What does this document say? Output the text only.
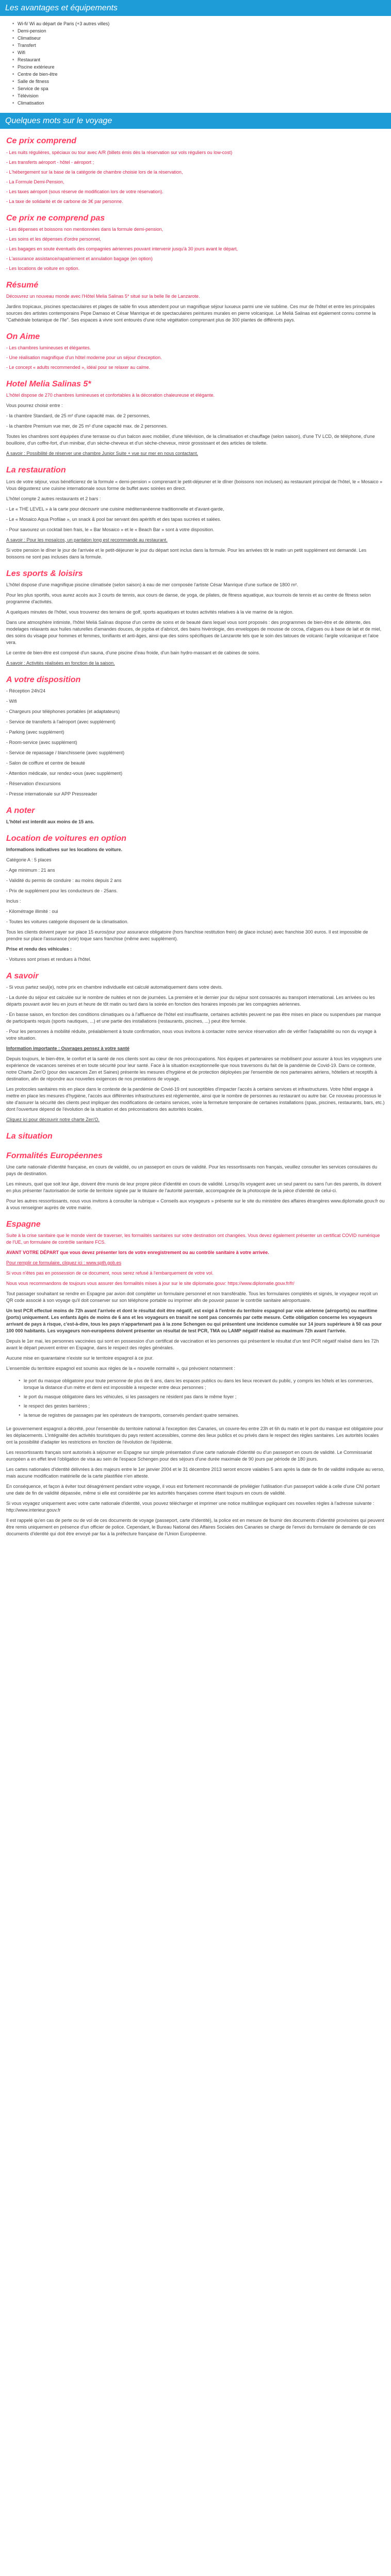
Les avantages et équipements
■ Wi-fi/ Wi au départ de Paris (+3 autres villes)
■ Demi-pension
■ Climatiseur
■ Transfert
■ Wifi
■ Restaurant
■ Piscine extérieure
■ Centre de bien-être
■ Salle de fitness
■ Service de spa
■ Télévision
■ Climatisation
Quelques mots sur le voyage
Ce prix comprend

- Les nuits régulières, spéciaux ou tour avec A/R (billets émis dès la réservation sur vols réguliers ou low-cost)

- Les transferts aéroport - hôtel - aéroport ;

- L'hébergement sur la base de la catégorie de chambre choisie lors de la réservation,

- La Formule Demi-Pension,

- Les taxes aéroport (sous réserve de modification lors de votre réservation).

- La taxe de solidarité et de carbone de 3€ par personne.

Ce prix ne comprend pas

- Les dépenses et boissons non mentionnées dans la formule demi-pension,

- Les soins et les dépenses d'ordre personnel,

- Les bagages en soute éventuels des compagnies aériennes pouvant intervenir jusqu'à 30 jours avant le départ,

- L'assurance assistance/rapatriement et annulation bagage (en option)

- Les locations de voiture en option.

Résumé

Découvrez un nouveau monde avec l'Hôtel Melia Salinas 5* situé sur la belle île de Lanzarote.

Jardins tropicaux, piscines spectaculaires et plages de sable fin vous attendent pour un magnifique séjour luxueux parmi une vie sublime. Ces mur de l'hôtel et entre les principales sources des artistes contemporains Pepe Damaso et César Manrique et de spectaculaires peintures murales en pierre volcanique. Le Meliá Salinas est également connu comme la "Cathédrale botanique de l'île". Ses espaces à vivre sont entourés d'une riche végétation comprenant plus de 300 plantes de différents pays.

On Aime

- Les chambres lumineuses et élégantes.

- Une réalisation magnifique d'un hôtel moderne pour un séjour d'exception.

- Le concept « adults recommended », idéal pour se relaxer au calme.

Hotel Melia Salinas 5*

L'hôtel dispose de 270 chambres lumineuses et confortables à la décoration chaleureuse et élégante.

Vous pourrez choisir entre :

- la chambre Standard, de 25 m² d'une capacité max. de 2 personnes,

- la chambre Premium vue mer, de 25 m² d'une capacité max. de 2 personnes.

Toutes les chambres sont équipées d'une terrasse ou d'un balcon avec mobilier, d'une télévision, de la climatisation et chauffage (selon saison), d'une TV LCD, de téléphone, d'une bouilloire, d'un coffre-fort, d'un minibar, d'un sèche-cheveux et d'un sèche-cheveux, miroir grossissant et des articles de toilette.

A savoir : Possibilité de réserver une chambre Junior Suite + vue sur mer en nous contactant.

La restauration

Lors de votre séjour, vous bénéficierez de la formule « demi-pension » comprenant le petit-déjeuner et le dîner (boissons non incluses) au restaurant principal de l'hôtel, le « Mosaico » Vous dégusterez une cuisine internationale sous forme de buffet avec soirées en direct.

L'hôtel compte 2 autres restaurants et 2 bars :

- Le « THE LEVEL » à la carte pour découvrir une cuisine méditerranéenne traditionnelle et d'avant-garde,

- Le « Mosaico Aqua Profilae », un snack & pool bar servant des apéritifs et des tapas sucrées et salées.

- Pour savourez un cocktail bien frais, le « Bar Mosaico » et le « Beach Bar » sont à votre disposition.

A savoir : Pour les mosaïcos, un pantalon long est recommandé au restaurant.

Si votre pension le dîner le jour de l'arrivée et le petit-déjeuner le jour du départ sont inclus dans la formule. Pour les arrivées tôt le matin un petit supplément est demandé. Les boissons ne sont pas incluses dans la formule.

Les sports & loisirs

L'hôtel dispose d'une magnifique piscine climatisée (selon saison) à eau de mer composée l'artiste César Manrique d'une surface de 1800 m².

Pour les plus sportifs, vous aurez accès aux 3 courts de tennis, aux cours de danse, de yoga, de pilates, de fitness aquatique, aux tournois de tennis et au centre de fitness selon programme d'activités.

A quelques minutes de l'hôtel, vous trouverez des terrains de golf, sports aquatiques et toutes activités relatives à la vie marine de la région.

Dans une atmosphère intimiste, l'hôtel Meliá Salinas dispose d'un centre de soins et de beauté dans lequel vous sont proposés : des programmes de bien-être et de détente, des modelages relaxants aux huiles naturelles d'amandes douces, de jojoba et d'abricot, des bains hivérologie, des enveloppes de mousse de cocoa, d'algues ou à base de lait et de miel, des soins du visage pour hommes et femmes, tonifiants et anti-âges, ainsi que des soins spécifiques de Lanzarote tels que le soin des tatoues de volcanic l'argile volcanique et l'aloe vera.

Le centre de bien-être est composé d'un sauna, d'une piscine d'eau froide, d'un bain hydro-massant et de cabines de soins.

A savoir : Activités réalisées en fonction de la saison.

A votre disposition

- Réception 24h/24

- Wifi

- Chargeurs pour téléphones portables (et adaptateurs)

- Service de transferts à l'aéroport (avec supplément)

- Parking (avec supplément)

- Room-service (avec supplément)

- Service de repassage / blanchisserie (avec supplément)

- Salon de coiffure et centre de beauté

- Attention médicale, sur rendez-vous (avec supplément)

- Réservation d'excursions

- Presse internationale sur APP Pressreader

A noter

L'hôtel est interdit aux moins de 15 ans.

Location de voitures en option

Informations indicatives sur les locations de voiture.

Catégorie A : 5 places

- Age minimum : 21 ans

- Validité du permis de conduire : au moins depuis 2 ans

- Prix de supplément pour les conducteurs de - 25ans.

Inclus :

- Kilométrage illimité : oui

- Toutes les voitures catégorie disposent de la climatisation.

Tous les clients doivent payer sur place 15 euros/jour pour assurance obligatoire (hors franchise restitution frein) de glace incluse) avec franchise 300 euros. Il est impossible de prendre sur place l'assurance (voir) toque sans franchise (même avec supplément).

Prise et rendu des véhicules :

- Voitures sont prises et rendues à l'hôtel.

A savoir

- Si vous partez seul(e), notre prix en chambre individuelle est calculé automatiquement dans votre devis.

- La durée du séjour est calculée sur le nombre de nuitées et non de journées. La première et le dernier jour du séjour sont consacrés au transport international. Les arrivées ou les départs pouvant avoir lieu en jours et heure de tôt matin ou tard dans la soirée en fonction des horaires imposés par les compagnies aériennes.

- En basse saison, en fonction des conditions climatiques ou à l'affluence de l'hôtel est insuffisante, certaines activités peuvent ne pas être mises en place ou suspendues par manque de participants requis (sports nautiques, ...) et une partie des installations (restaurants, piscines, ...) peut être fermée.

- Pour les personnes à mobilité réduite, préalablement à toute confirmation, nous vous invitons à contacter notre service réservation afin de vérifier l'adaptabilité ou non du voyage à votre situation.

Information importante : Ouvrages pensez à votre santé

Depuis toujours, le bien-être, le confort et la santé de nos clients sont au cœur de nos préoccupations. Nos équipes et partenaires se mobilisent pour assurer à tous les voyageurs une expérience de vacances sereines et en toute sécurité pour leur santé. Face à la situation exceptionnelle que nous traversons du fait de la pandémie de Covid-19. Dans ce contexte, notre Charte Zen'O (pour des vacances Zen et Saines) présente les mesures d'hygiène et de protection déployées par l'ensemble de nos partenaires aériens, hôteliers et receptifs à destination, afin de répondre aux nouvelles exigences de nos prestations de voyage.

Les protocoles sanitaires mis en place dans le contexte de la pandémie de Covid-19 ont susceptibles d'impacter l'accès à certains services et infrastructures. Votre hôtel engage à mettre en place les mesures d'hygiène, l'accès aux différentes infrastructures est règlementée, ainsi que le nombre de personnes au restaurant ou autre bar. Ce nouveau processus le site d'assurer la sécurité des clients peut impliquer des modifications de certains services, voire la fermeture temporaire de certaines installations (spas, piscines, restaurants, bars, etc.) dont l'ouverture dépend de l'évolution de la situation et des préconisations des autorités locales.

Cliquez ici pour découvrir notre charte Zen'O.

La situation
Formalités Européennes

Une carte nationale d'identité française, en cours de validité, ou un passeport en cours de validité. Pour les ressortissants non français, veuillez consulter les services consulaires du pays de destination.

Les mineurs, quel que soit leur âge, doivent être munis de leur propre pièce d'identité en cours de validité. Lorsqu'ils voyagent avec un seul parent ou sans l'un des parents, ils doivent en plus présenter l'autorisation de sortie de territoire signée par le titulaire de l'autorité parentale, accompagnée de la photocopie de la pièce d'identité de celui-ci.

Pour les autres ressortissants, nous vous invitons à consulter la rubrique « Conseils aux voyageurs » présente sur le site du ministère des affaires étrangères www.diplomatie.gouv.fr ou à vous renseigner auprès de votre mairie.

Espagne

Suite à la crise sanitaire que le monde vient de traverser, les formalités sanitaires sur votre destination ont changées. Vous devez également présenter un certificat COVID numérique de l'UE, un formulaire de contrôle sanitaire FCS.

AVANT VOTRE DÉPART que vous devez présenter lors de votre enregistrement ou au contrôle sanitaire à votre arrivée.

Pour remplir ce formulaire, cliquez ici : www.spth.gob.es

Si vous n'êtes pas en possession de ce document, nous serez refusé à l'embarquement de votre vol.

Nous vous recommandons de toujours vous assurer des formalités mises à jour sur le site diplomatie.gouv: https://www.diplomatie.gouv.fr/fr/

Tout passager souhaitant se rendre en Espagne par avion doit compléter un formulaire personnel et non transférable. Tous les formulaires complétés et signés, le voyageur reçoit un QR code associé à son voyage qu'il doit conserver sur son téléphone portable ou imprimer afin de pouvoir passer le contrôle sanitaire aéroportuaire.

Un test PCR effectué moins de 72h avant l'arrivée et dont le résultat doit être négatif, est exigé à l'entrée du territoire espagnol par voie aérienne (aéroports) ou maritime (ports) uniquement. Les enfants âgés de moins de 6 ans et les voyageurs en transit ne sont pas concernés par cette mesure. Cette obligation concerne les voyageurs arrivant de pays à risque, c'est-à-dire, tous les pays n'appartenant pas à la zone Schengen ou qui présentent une incidence cumulée sur 14 jours supérieure à 50 cas pour 100 000 habitants. Les voyageurs non-européens doivent présenter un résultat de test PCR, TMA ou LAMP négatif réalisé au maximum 72h avant l'arrivée.

Depuis le 1er mai, les personnes vaccinées qui sont en possession d'un certificat de vaccination et les personnes qui présentent le résultat d'un test PCR négatif réalisé dans les 72h avant le départ peuvent entrer en Espagne, dans le respect des règles générales.

Aucune mise en quarantaine n'existe sur le territoire espagnol à ce jour.

L'ensemble du territoire espagnol est soumis aux règles de la « nouvelle normalité », qui prévoient notamment :

● le port du masque obligatoire pour toute personne de plus de 6 ans, dans les espaces publics ou dans les lieux recevant du public, y compris les hôtels et les commerces, lorsque la distance d'un mètre et demi est impossible à respecter entre deux personnes ;
● le port du masque obligatoire dans les véhicules, si les passagers ne résident pas dans le même foyer ;
● le respect des gestes barrières ;
● la tenue de registres de passages par les opérateurs de transports, conservés pendant quatre semaines.

Le gouvernement espagnol a décrété, pour l'ensemble du territoire national à l'exception des Canaries, un couvre-feu entre 23h et 6h du matin et le port du masque est obligatoire pour les déplacements. L'intégralité des activités touristiques du pays restent accessibles, comme des lieux publics et ou privés dans le respect des règles sanitaires. Les autorités locales ont la possibilité d'adapter les restrictions en fonction de l'évolution de l'épidémie.

Les ressortissants français sont autorisés à séjourner en Espagne sur simple présentation d'une carte nationale d'identité ou d'un passeport en cours de validité. Le Commissariat européen a en effet levé l'obligation de visa au sein de l'espace Schengen pour des séjours d'une durée maximale de 90 jours par période de 180 jours.

Les cartes nationales d'identité délivrées à des majeurs entre le 1er janvier 2004 et le 31 décembre 2013 seront encore valables 5 ans après la date de fin de validité indiquée au verso, mais aucune modification matérielle de la carte plastifiée n'en atteste.

En conséquence, et façon à éviter tout désagrément pendant votre voyage, il vous est fortement recommandé de privilégier l'utilisation d'un passeport valide à celle d'une CNI portant une date de fin de validité dépassée, même si elle est considérée par les autorités françaises comme étant toujours en cours de validité.

Si vous voyagez uniquement avec votre carte nationale d'identité, vous pouvez télécharger et imprimer une notice multilingue expliquant ces nouvelles règles à l'adresse suivante : http://www.interieur.gouv.fr

Il est rappelé qu'en cas de perte ou de vol de ces documents de voyage (passeport, carte d'identité), la police est en mesure de fournir des documents d'identité provisoires qui peuvent être remis uniquement en présence d'un officier de police. Cependant, le Bureau National des Affaires Sociales des Canaries se charge de l'envoi du formulaire de demande de ces documents d'identité qui doit être envoyé par fax à la préfecture française de l'Union Européenne.
